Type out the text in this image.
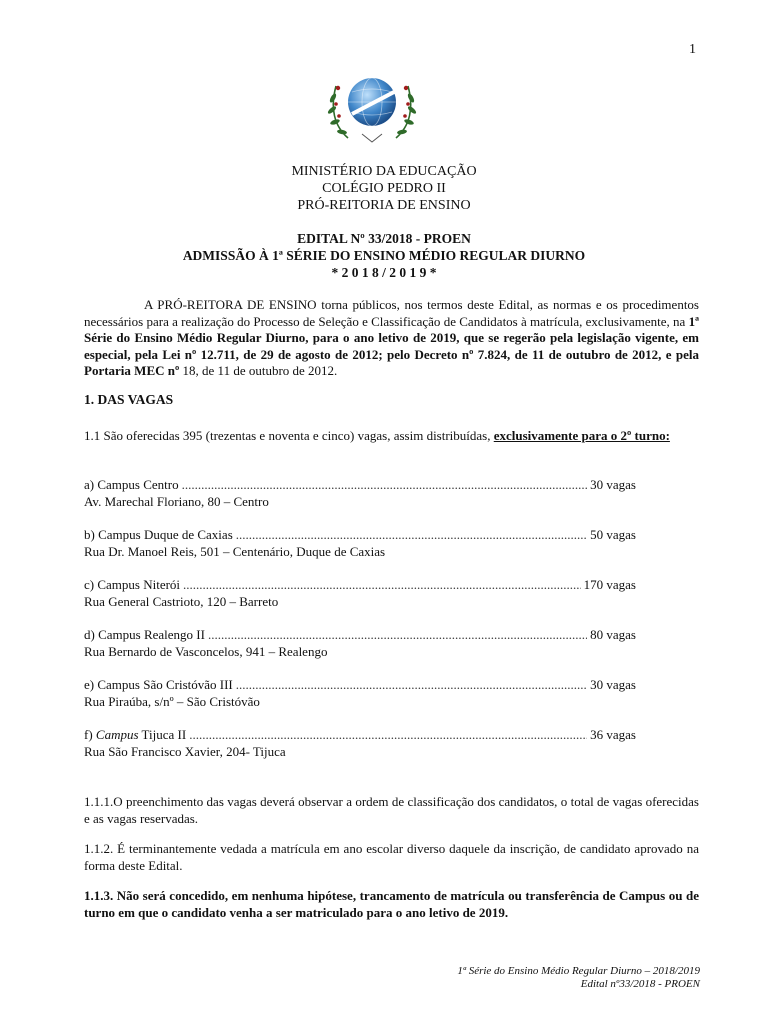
1
MINISTÉRIO DA EDUCAÇÃO
COLÉGIO PEDRO II
PRÓ-REITORIA DE ENSINO
EDITAL Nº 33/2018 - PROEN
ADMISSÃO À 1ª SÉRIE DO ENSINO MÉDIO REGULAR DIURNO
* 2 0 1 8 / 2 0 1 9 *

A PRÓ-REITORA DE ENSINO torna públicos, nos termos deste Edital, as normas e os procedimentos necessários para a realização do Processo de Seleção e Classificação de Candidatos à matrícula, exclusivamente, na 1ª Série do Ensino Médio Regular Diurno, para o ano letivo de 2019, que se regerão pela legislação vigente, em especial, pela Lei nº 12.711, de 29 de agosto de 2012; pelo Decreto nº 7.824, de 11 de outubro de 2012, e pela Portaria MEC nº 18, de 11 de outubro de 2012.

1. DAS VAGAS

1.1 São oferecidas 395 (trezentas e noventa e cinco) vagas, assim distribuídas, exclusivamente para o 2º turno:

a) Campus Centro .....	30 vagas
Av. Marechal Floriano, 80 – Centro
b) Campus Duque de Caxias .....	50 vagas
Rua Dr. Manoel Reis, 501 – Centenário, Duque de Caxias
c) Campus Niterói .....	170 vagas
Rua General Castrioto, 120 – Barreto
d) Campus Realengo II .....	80 vagas
Rua Bernardo de Vasconcelos, 941 – Realengo
e) Campus São Cristóvão III .....	30 vagas
Rua Piraúba, s/nº – São Cristóvão
f) Campus Tijuca II .....	36 vagas
Rua São Francisco Xavier, 204- Tijuca
1.1.1.O preenchimento das vagas deverá observar a ordem de classificação dos candidatos, o total de vagas oferecidas e as vagas reservadas.
1.1.2. É terminantemente vedada a matrícula em ano escolar diverso daquele da inscrição, de candidato aprovado na forma deste Edital.
1.1.3. Não será concedido, em nenhuma hipótese, trancamento de matrícula ou transferência de Campus ou de turno em que o candidato venha a ser matriculado para o ano letivo de 2019.
1ª Série do Ensino Médio Regular Diurno – 2018/2019
Edital nº33/2018 - PROEN
